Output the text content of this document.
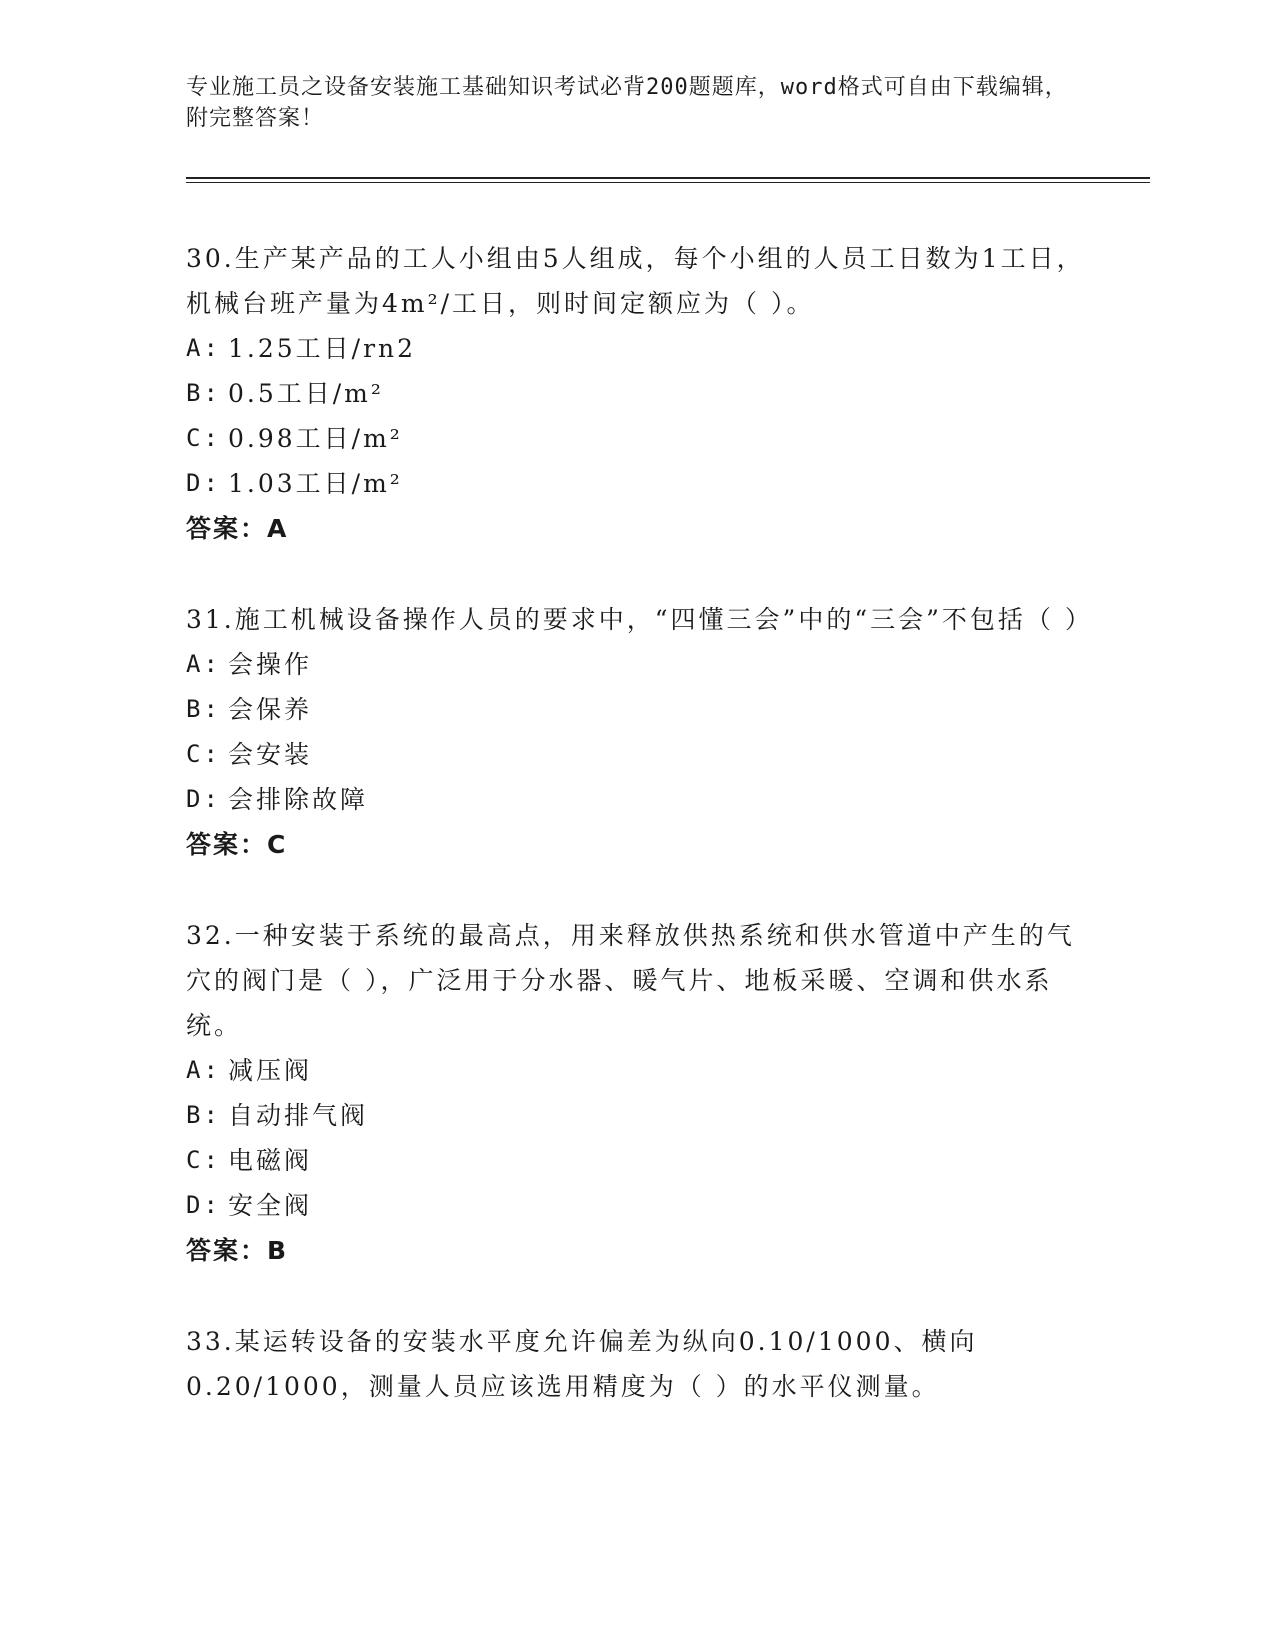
专业施工员之设备安装施工基础知识考试必背200题题库，word格式可自由下载编辑，附完整答案！

30.生产某产品的工人小组由5人组成，每个小组的人员工日数为1工日，机械台班产量为4m²/工日，则时间定额应为（ ）。

A: 1.25工日/rn2
B: 0.5工日/m²
C: 0.98工日/m²
D: 1.03工日/m²
答案：A

31.施工机械设备操作人员的要求中，“四懂三会”中的“三会”不包括（ ）

A: 会操作
B: 会保养
C: 会安装
D: 会排除故障
答案：C

32.一种安装于系统的最高点，用来释放供热系统和供水管道中产生的气穴的阀门是（ ），广泛用于分水器、暖气片、地板采暖、空调和供水系统。

A: 减压阀
B: 自动排气阀
C: 电磁阀
D: 安全阀
答案：B

33.某运转设备的安装水平度允许偏差为纵向0.10/1000、横向0.20/1000，测量人员应该选用精度为（ ）的水平仪测量。
